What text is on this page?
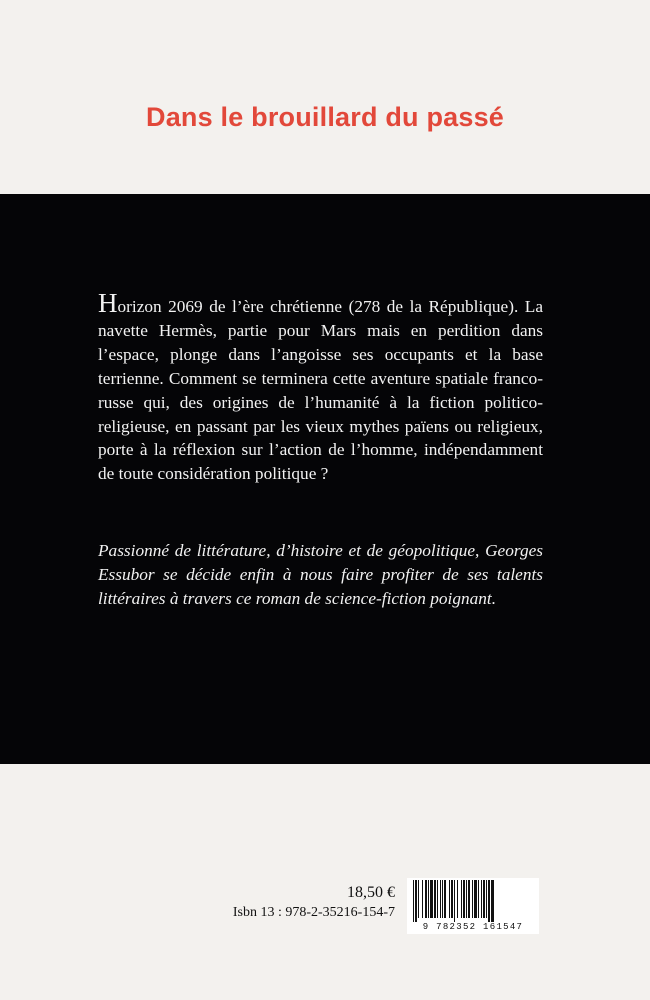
Dans le brouillard du passé

Horizon 2069 de l’ère chrétienne (278 de la République). La navette Hermès, partie pour Mars mais en perdition dans l’espace, plonge dans l’angoisse ses occupants et la base terrienne. Comment se terminera cette aventure spatiale franco-russe qui, des origines de l’humanité à la fiction politico-religieuse, en passant par les vieux mythes païens ou religieux, porte à la réflexion sur l’action de l’homme, indépendamment de toute considération politique ?

Passionné de littérature, d’histoire et de géopolitique, Georges Essubor se décide enfin à nous faire profiter de ses talents littéraires à travers ce roman de science-fiction poignant.

18,50 €
Isbn 13 : 978-2-35216-154-7
9 782352 161547
